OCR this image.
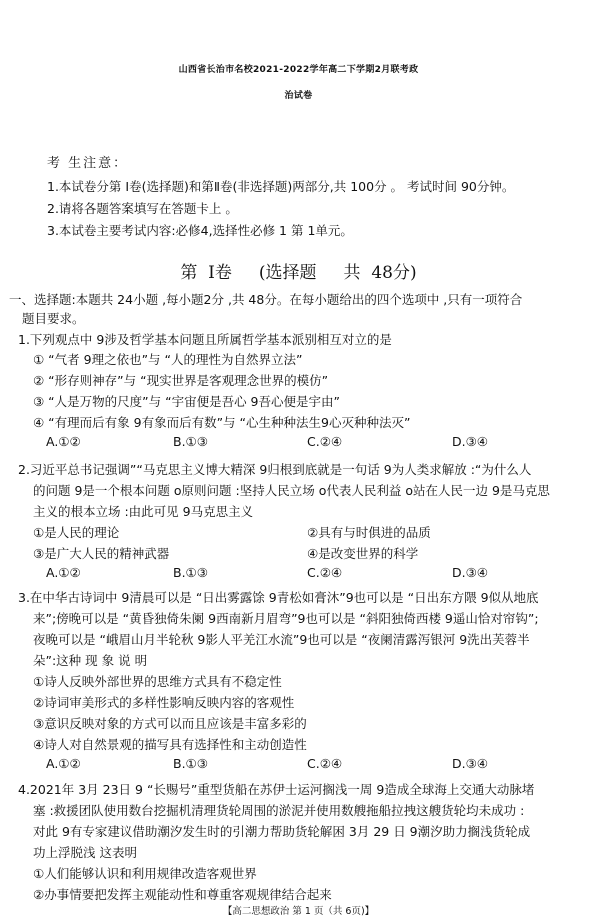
山西省长治市名校2021-2022学年高二下学期2月联考政
治试卷
考 生注意：
1.本试卷分第 Ⅰ卷(选择题)和第Ⅱ卷(非选择题)两部分,共 100分 。 考试时间 90分钟。
2.请将各题答案填写在答题卡上 。
3.本试卷主要考试内容:必修4,选择性必修 1 第 1单元。
第  Ⅰ卷     (选择题     共  48分)
一、选择题:本题共 24小题 ,每小题2分 ,共 48分。在每小题给出的四个选项中 ,只有一项符合
题目要求。
1.下列观点中 9涉及哲学基本问题且所属哲学基本派别相互对立的是
① “气者 9理之依也”与 “人的理性为自然界立法”
② “形存则神存”与 “现实世界是客观理念世界的模仿”
③ “人是万物的尺度”与 “宇宙便是吾心 9吾心便是宇由”
④ “有理而后有象 9有象而后有数”与 “心生种种法生9心灭种种法灭”
A.①②	B.①③	C.②④	D.③④
2.习近平总书记强调”“马克思主义博大精深 9归根到底就是一句话 9为人类求解放 :“为什么人
的问题 9是一个根本问题 o原则问题 :坚持人民立场 o代表人民利益 o站在人民一边 9是马克思
主义的根本立场 :由此可见 9马克思主义
①是人民的理论	②具有与时俱进的品质
③是广大人民的精神武器	④是改变世界的科学
A.①②	B.①③	C.②④	D.③④
3.在中华古诗词中 9清晨可以是 “日出雾露馀 9青松如膏沐”9也可以是 “日出东方隈 9似从地底
来”;傍晚可以是 “黄昏独倚朱阑 9西南新月眉弯”9也可以是 “斜阳独倚西楼 9遥山恰对帘钩”;
夜晚可以是 “峨眉山月半轮秋 9影人平羌江水流”9也可以是 “夜阑清露泻银河 9洗出芙蓉半
朵”:这种 现 象 说 明
①诗人反映外部世界的思维方式具有不稳定性
②诗词审美形式的多样性影响反映内容的客观性
③意识反映对象的方式可以而且应该是丰富多彩的
④诗人对自然景观的描写具有选择性和主动创造性
A.①②	B.①③	C.②④	D.③④
4.2021年 3月 23日 9 “长赐号”重型货船在苏伊士运河搁浅一周 9造成全球海上交通大动脉堵
塞 :救援团队使用数台挖掘机清理货轮周围的淤泥并使用数艘拖船拉拽这艘货轮均未成功 :
对此 9有专家建议借助潮汐发生时的引潮力帮助货轮解困 3月 29 日 9潮汐助力搁浅货轮成
功上浮脱浅 这表明
①人们能够认识和利用规律改造客观世界
②办事情要把发挥主观能动性和尊重客观规律结合起来
【高二思想政治 第 1 页（共 6页)】
